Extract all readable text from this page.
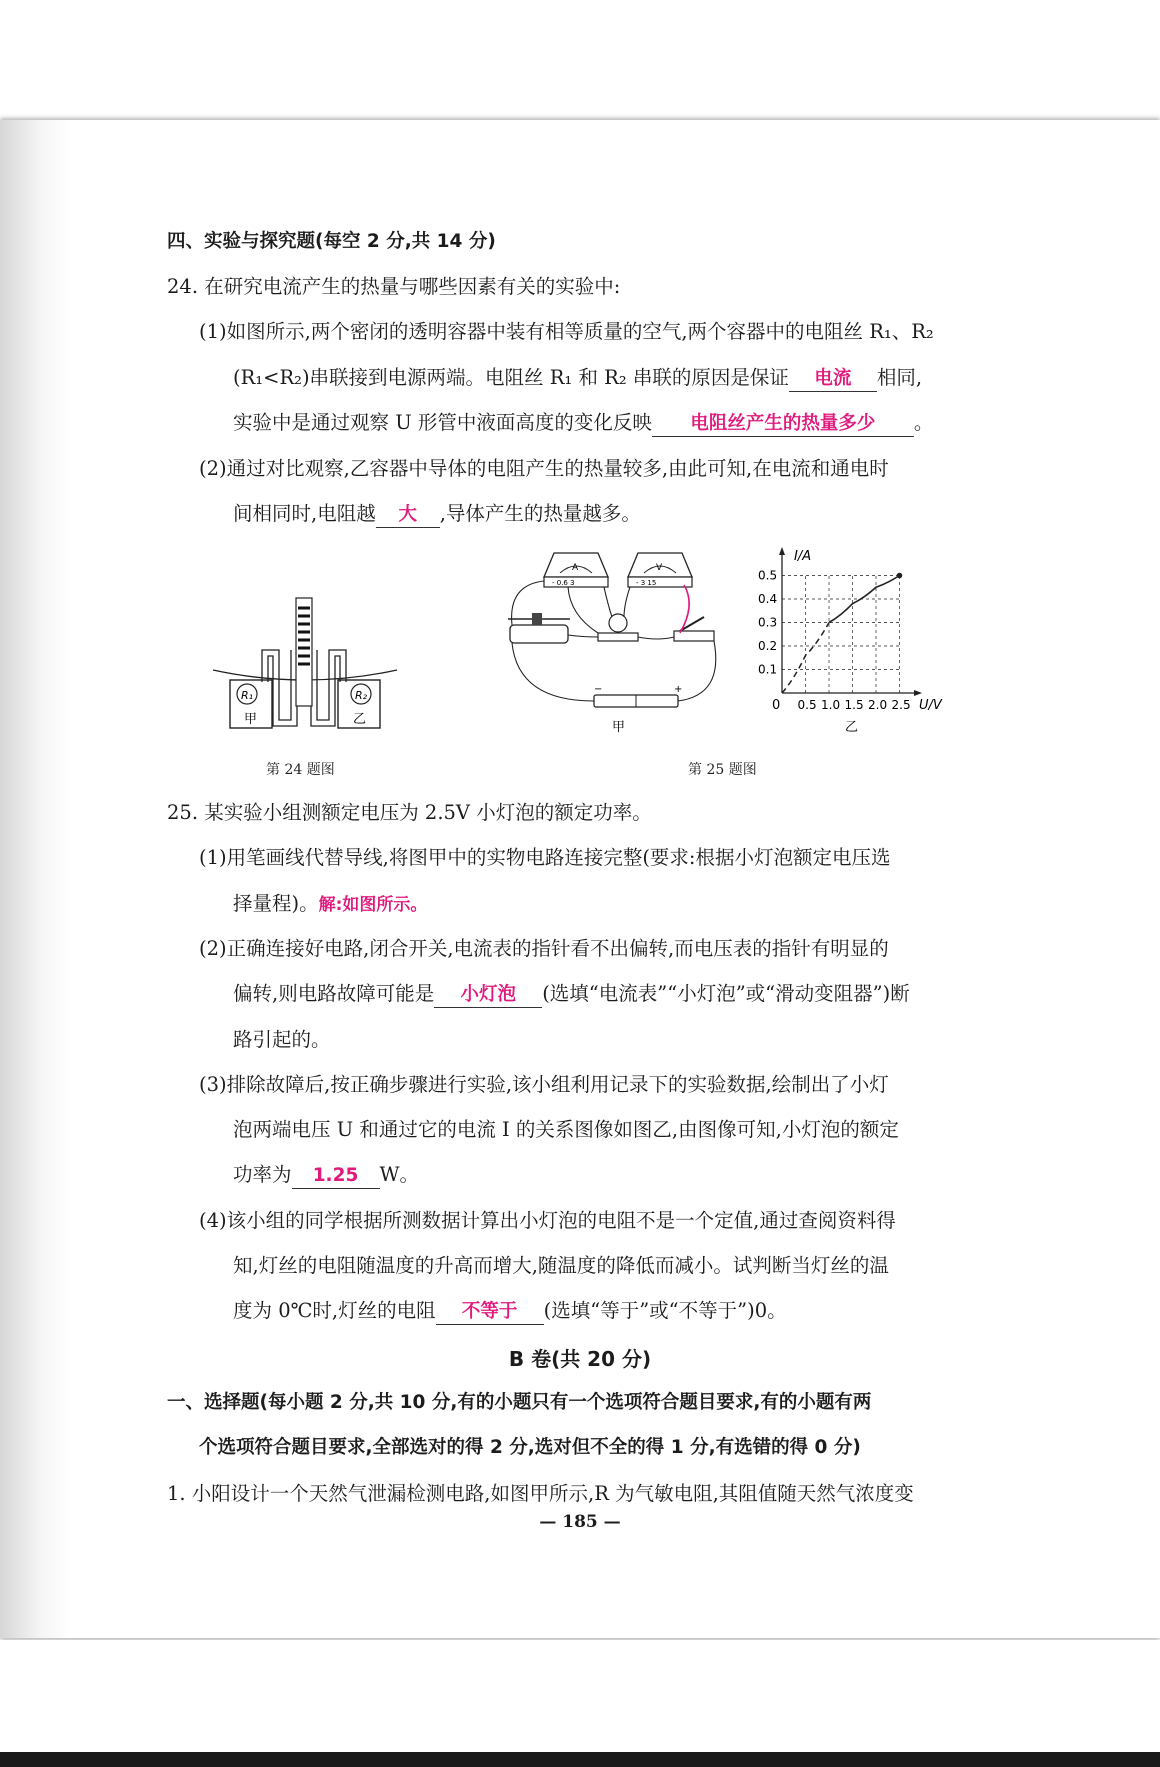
四、实验与探究题(每空 2 分,共 14 分)
24. 在研究电流产生的热量与哪些因素有关的实验中:
(1)如图所示,两个密闭的透明容器中装有相等质量的空气,两个容器中的电阻丝 R₁、R₂
(R₁<R₂)串联接到电源两端。电阻丝 R₁ 和 R₂ 串联的原因是保证 电流 相同,
实验中是通过观察 U 形管中液面高度的变化反映 电阻丝产生的热量多少 。
(2)通过对比观察,乙容器中导体的电阻产生的热量较多,由此可知,在电流和通电时
间相同时,电阻越 大 ,导体产生的热量越多。
R₁	R₂
甲	乙
第 24 题图
A
- 0.6 3
V
- 3 15
−	+
甲
I/A
U/V
0 0.5 1.0 1.5 2.0 2.5
0.1
0.2
0.3
0.4
0.5
乙
第 25 题图
25. 某实验小组测额定电压为 2.5V 小灯泡的额定功率。
(1)用笔画线代替导线,将图甲中的实物电路连接完整(要求:根据小灯泡额定电压选
择量程)。解:如图所示。
(2)正确连接好电路,闭合开关,电流表的指针看不出偏转,而电压表的指针有明显的
偏转,则电路故障可能是 小灯泡 (选填“电流表”“小灯泡”或“滑动变阻器”)断
路引起的。
(3)排除故障后,按正确步骤进行实验,该小组利用记录下的实验数据,绘制出了小灯
泡两端电压 U 和通过它的电流 I 的关系图像如图乙,由图像可知,小灯泡的额定
功率为 1.25 W。
(4)该小组的同学根据所测数据计算出小灯泡的电阻不是一个定值,通过查阅资料得
知,灯丝的电阻随温度的升高而增大,随温度的降低而减小。试判断当灯丝的温
度为 0℃时,灯丝的电阻 不等于 (选填“等于”或“不等于”)0。
B 卷(共 20 分)
一、选择题(每小题 2 分,共 10 分,有的小题只有一个选项符合题目要求,有的小题有两
个选项符合题目要求,全部选对的得 2 分,选对但不全的得 1 分,有选错的得 0 分)
1. 小阳设计一个天然气泄漏检测电路,如图甲所示,R 为气敏电阻,其阻值随天然气浓度变
— 185 —
